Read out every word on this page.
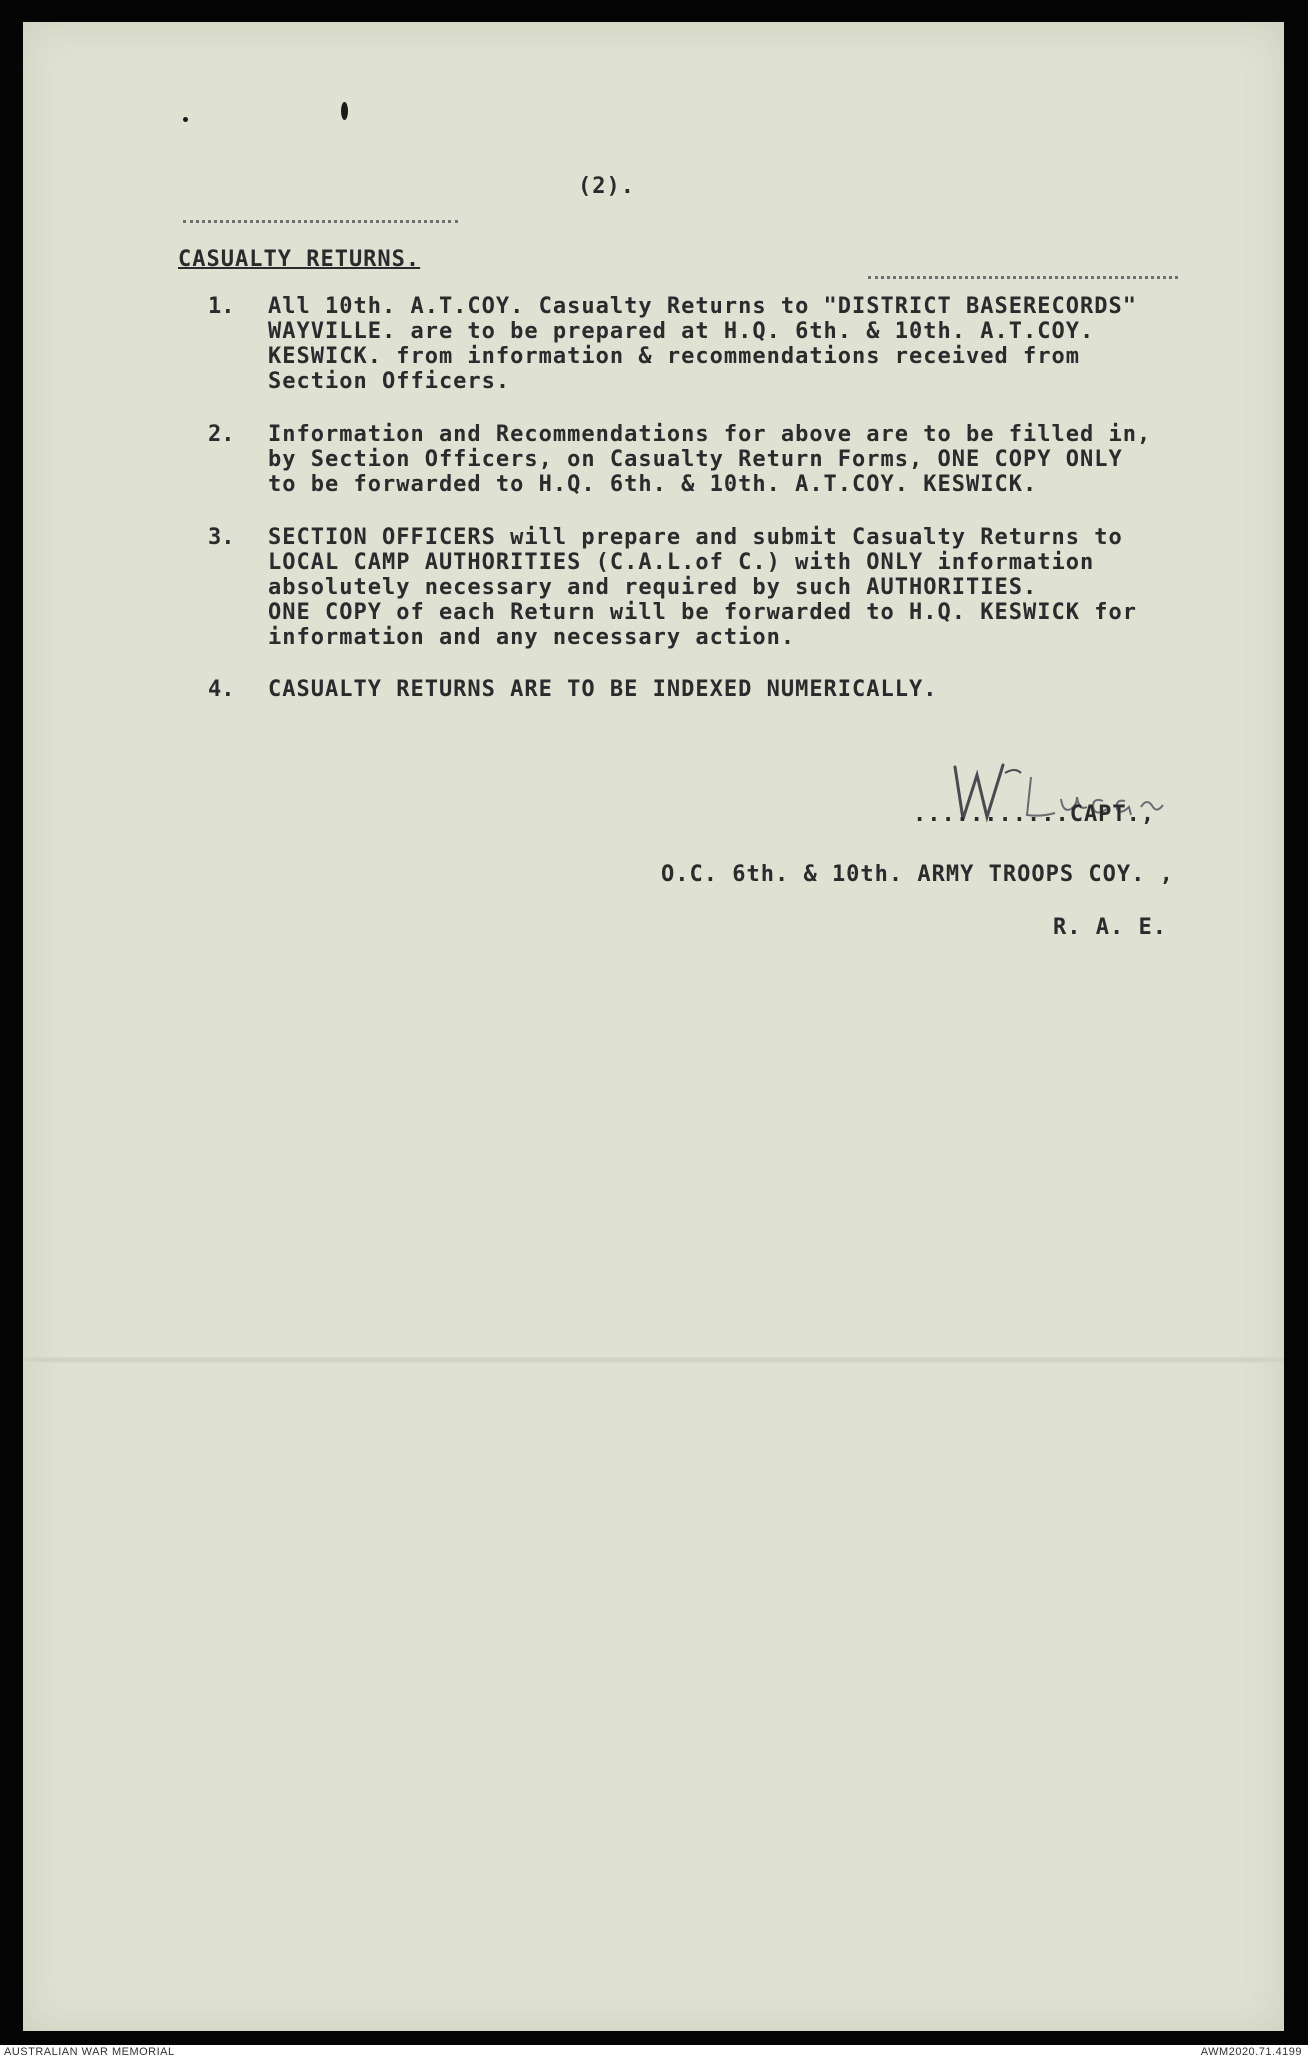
(2).
CASUALTY RETURNS.
1. All 10th. A.T.COY. Casualty Returns to "DISTRICT BASERECORDS"
WAYVILLE. are to be prepared at H.Q. 6th. & 10th. A.T.COY.
KESWICK. from information & recommendations received from
Section Officers.
2. Information and Recommendations for above are to be filled in,
by Section Officers, on Casualty Return Forms, ONE COPY ONLY
to be forwarded to H.Q. 6th. & 10th. A.T.COY. KESWICK.
3. SECTION OFFICERS will prepare and submit Casualty Returns to
LOCAL CAMP AUTHORITIES (C.A.L.of C.) with ONLY information
absolutely necessary and required by such AUTHORITIES.
ONE COPY of each Return will be forwarded to H.Q. KESWICK for
information and any necessary action.
4. CASUALTY RETURNS ARE TO BE INDEXED NUMERICALLY.
...........CAPT.,
O.C. 6th. & 10th. ARMY TROOPS COY. ,
R. A. E.
AUSTRALIAN WAR MEMORIAL	AWM2020.71.4199
